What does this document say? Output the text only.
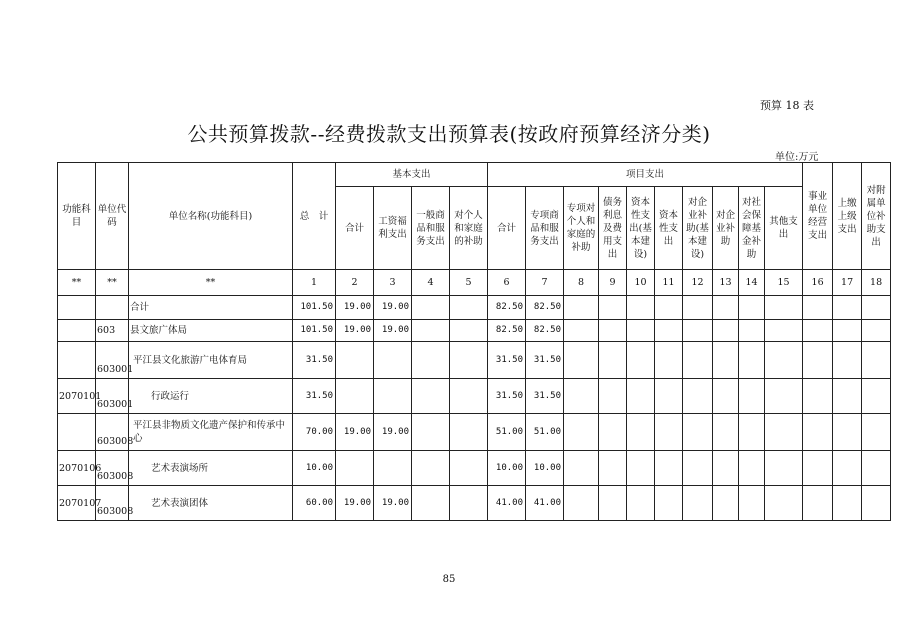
预算 18 表
公共预算拨款--经费拨款支出预算表(按政府预算经济分类)
单位:万元
功能科目	单位代码	单位名称(功能科目)	总　计	基本支出				项目支出										事业单位经营支出	上缴上级支出	对附属单位补助支出
				合计	工资福利支出	一般商品和服务支出	对个人和家庭的补助	合计	专项商品和服务支出	专项对个人和家庭的补助	债务利息及费用支出	资本性支出(基本建设)	资本性支出	对企业补助(基本建设)	对企业补助	对社会保障基金补助	其他支出			
**	**	**	1	2	3	4	5	6	7	8	9	10	11	12	13	14	15	16	17	18
		合计	101.50	19.00	19.00			82.50	82.50											
	603	县文旅广体局	101.50	19.00	19.00			82.50	82.50											
	603001	平江县文化旅游广电体育局	31.50					31.50	31.50											
2070101	603001	行政运行	31.50					31.50	31.50											
	603008	平江县非物质文化遗产保护和传承中心	70.00	19.00	19.00			51.00	51.00											
2070106	603008	艺术表演场所	10.00					10.00	10.00											
2070107	603008	艺术表演团体	60.00	19.00	19.00			41.00	41.00											
85
